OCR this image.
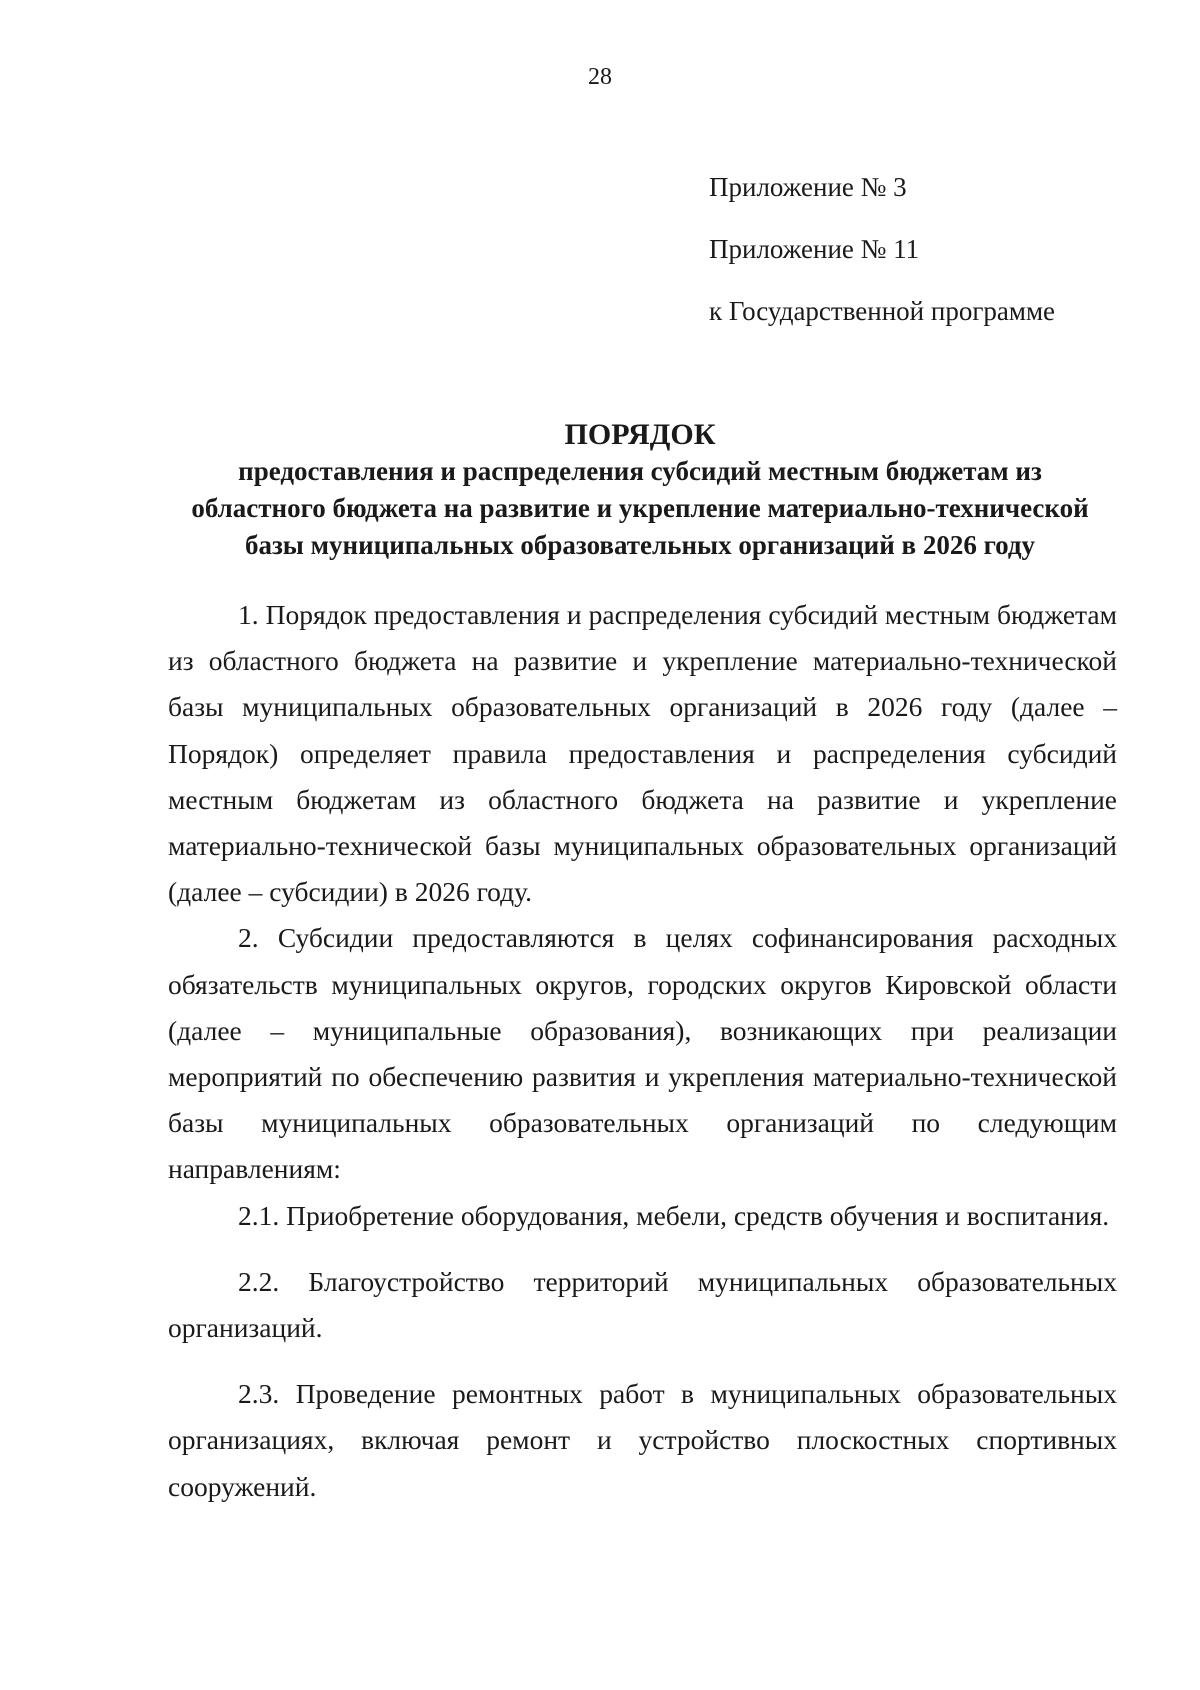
28
Приложение № 3
Приложение № 11
к Государственной программе
ПОРЯДОК
предоставления и распределения субсидий местным бюджетам из
областного бюджета на развитие и укрепление материально-технической
базы муниципальных образовательных организаций в 2026 году

1. Порядок предоставления и распределения субсидий местным бюджетам из областного бюджета на развитие и укрепление материально-технической базы муниципальных образовательных организаций в 2026 году (далее – Порядок) определяет правила предоставления и распределения субсидий местным бюджетам из областного бюджета на развитие и укрепление материально-технической базы муниципальных образовательных организаций (далее – субсидии) в 2026 году.

2. Субсидии предоставляются в целях софинансирования расходных обязательств муниципальных округов, городских округов Кировской области (далее – муниципальные образования), возникающих при реализации мероприятий по обеспечению развития и укрепления материально-технической базы муниципальных образовательных организаций по следующим направлениям:

2.1. Приобретение оборудования, мебели, средств обучения и воспитания.

2.2. Благоустройство территорий муниципальных образовательных организаций.

2.3. Проведение ремонтных работ в муниципальных образовательных организациях, включая ремонт и устройство плоскостных спортивных сооружений.
